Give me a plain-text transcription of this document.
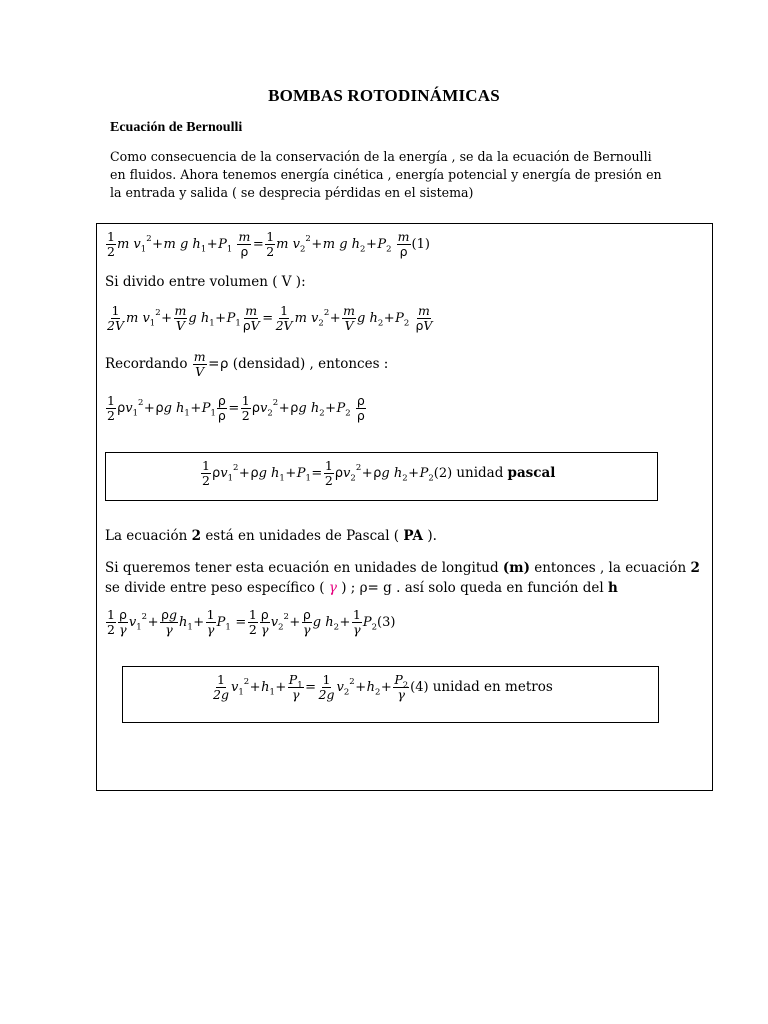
BOMBAS ROTODINÁMICAS
Ecuación de Bernoulli
Como consecuencia de la conservación de la energía , se da la ecuación de Bernoulli en fluidos. Ahora tenemos energía cinética , energía potencial y energía de presión en la entrada y salida ( se desprecia pérdidas en el sistema)
$\frac{1}{2}$ m $v_1^2+m$ g $h_1+P_1 \frac{m}{\rho} = \frac{1}{2}$ m $v_2^2+m$ g $h_2+P_2 \frac{m}{\rho} (1)$
Si divido entre volumen ( V ):
$\frac{1}{2V}$ m $v_1^2+ \frac{m}{V}$ g $h_1+P_1 \frac{m}{\rho V} = \frac{1}{2V}$ m $v_2^2+ \frac{m}{V}$ g $h_2+P_2 \frac{m}{\rho V}$
Recordando $\frac{m}{V} =\rho$ (densidad) , entonces :
$\frac{1}{2} \rho v_1^2+\rho g$ $h_1+P_1 \frac{\rho}{\rho} = \frac{1}{2} \rho v_2^2+\rho g$ $h_2+P_2 \frac{\rho}{\rho}$
$\frac{1}{2} \rho v_1^2+\rho g$ $h_1+P_1= \frac{1}{2} \rho v_2^2+\rho g$ $h_2+P_2(2)$ unidad pascal
La ecuación 2 está en unidades de Pascal ( PA ).
Si queremos tener esta ecuación en unidades de longitud (m) entonces , la ecuación 2 se divide entre peso específico ( γ ) ; ρ= g . así solo queda en función del h
$\frac{1}{2} \frac{\rho}{\gamma} v_1^2+ \frac{\rho g}{\gamma} h_1+ \frac{1}{\gamma} P_1 = \frac{1}{2} \frac{\rho}{\gamma} v_2^2+ \frac{\rho}{\gamma}$ g $h_2+ \frac{1}{\gamma} P_2(3)$
$\frac{1}{2g} v_1^2+h_1+ \frac{P_1}{\gamma} = \frac{1}{2g} v_2^2+h_2+ \frac{P_2}{\gamma} (4)$ unidad en metros
